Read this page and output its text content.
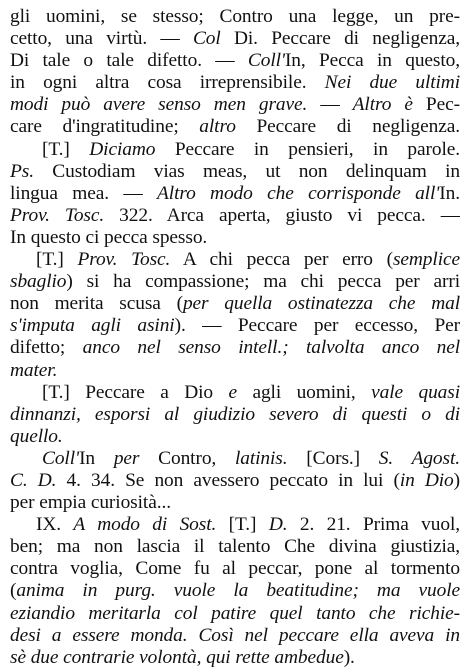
gli uomini, se stesso; Contro una legge, un pre-
cetto, una virtù. — Col Di. Peccare di negligenza,
Di tale o tale difetto. — Coll'In, Pecca in questo,
in ogni altra cosa irreprensibile. Nei due ultimi
modi può avere senso men grave. — Altro è Pec-
care d'ingratitudine; altro Peccare di negligenza.
[T.] Diciamo Peccare in pensieri, in parole.
Ps. Custodiam vias meas, ut non delinquam in
lingua mea. — Altro modo che corrisponde all'In.
Prov. Tosc. 322. Arca aperta, giusto vi pecca. —
In questo ci pecca spesso.
[T.] Prov. Tosc. A chi pecca per erro (semplice
sbaglio) si ha compassione; ma chi pecca per arri
non merita scusa (per quella ostinatezza che mal
s'imputa agli asini). — Peccare per eccesso, Per
difetto; anco nel senso intell.; talvolta anco nel
mater.
[T.] Peccare a Dio e agli uomini, vale quasi
dinnanzi, esporsi al giudizio severo di questi o di
quello.
Coll'In per Contro, latinis. [Cors.] S. Agost.
C. D. 4. 34. Se non avessero peccato in lui (in Dio)
per empia curiosità...
IX. A modo di Sost. [T.] D. 2. 21. Prima vuol,
ben; ma non lascia il talento Che divina giustizia,
contra voglia, Come fu al peccar, pone al tormento
(anima in purg. vuole la beatitudine; ma vuole
eziandio meritarla col patire quel tanto che richie-
desi a essere monda. Così nel peccare ella aveva in
sè due contrarie volontà, qui rette ambedue).
